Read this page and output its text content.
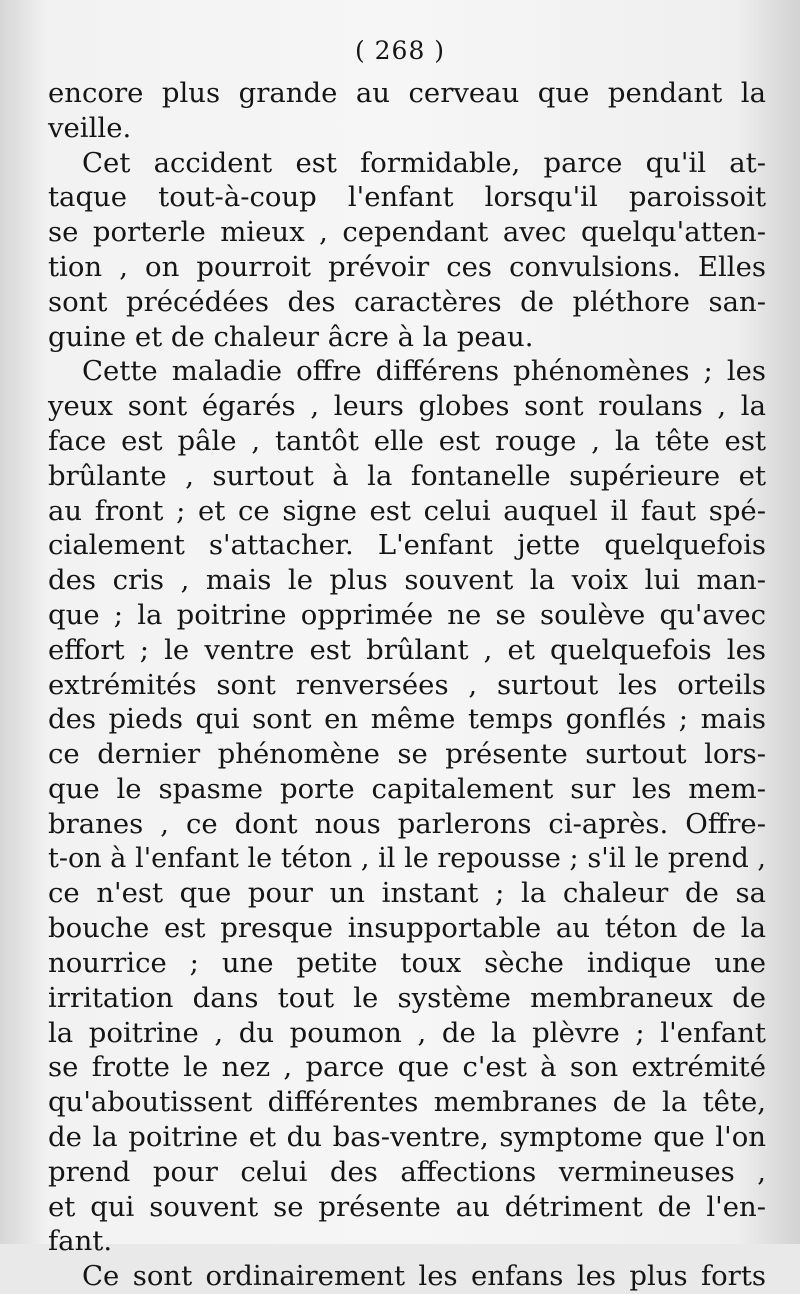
( 268 )
encore plus grande au cerveau que pendant la
veille.
Cet accident est formidable, parce qu'il at-
taque tout-à-coup l'enfant lorsqu'il paroissoit
se porterle mieux , cependant avec quelqu'atten-
tion , on pourroit prévoir ces convulsions. Elles
sont précédées des caractères de pléthore san-
guine et de chaleur âcre à la peau.
Cette maladie offre différens phénomènes ; les
yeux sont égarés , leurs globes sont roulans , la
face est pâle , tantôt elle est rouge , la tête est
brûlante , surtout à la fontanelle supérieure et
au front ; et ce signe est celui auquel il faut spé-
cialement s'attacher. L'enfant jette quelquefois
des cris , mais le plus souvent la voix lui man-
que ; la poitrine opprimée ne se soulève qu'avec
effort ; le ventre est brûlant , et quelquefois les
extrémités sont renversées , surtout les orteils
des pieds qui sont en même temps gonflés ; mais
ce dernier phénomène se présente surtout lors-
que le spasme porte capitalement sur les mem-
branes , ce dont nous parlerons ci-après. Offre-
t-on à l'enfant le téton , il le repousse ; s'il le prend ,
ce n'est que pour un instant ; la chaleur de sa
bouche est presque insupportable au téton de la
nourrice ; une petite toux sèche indique une
irritation dans tout le système membraneux de
la poitrine , du poumon , de la plèvre ; l'enfant
se frotte le nez , parce que c'est à son extrémité
qu'aboutissent différentes membranes de la tête,
de la poitrine et du bas-ventre, symptome que l'on
prend pour celui des affections vermineuses ,
et qui souvent se présente au détriment de l'en-
fant.
Ce sont ordinairement les enfans les plus forts
